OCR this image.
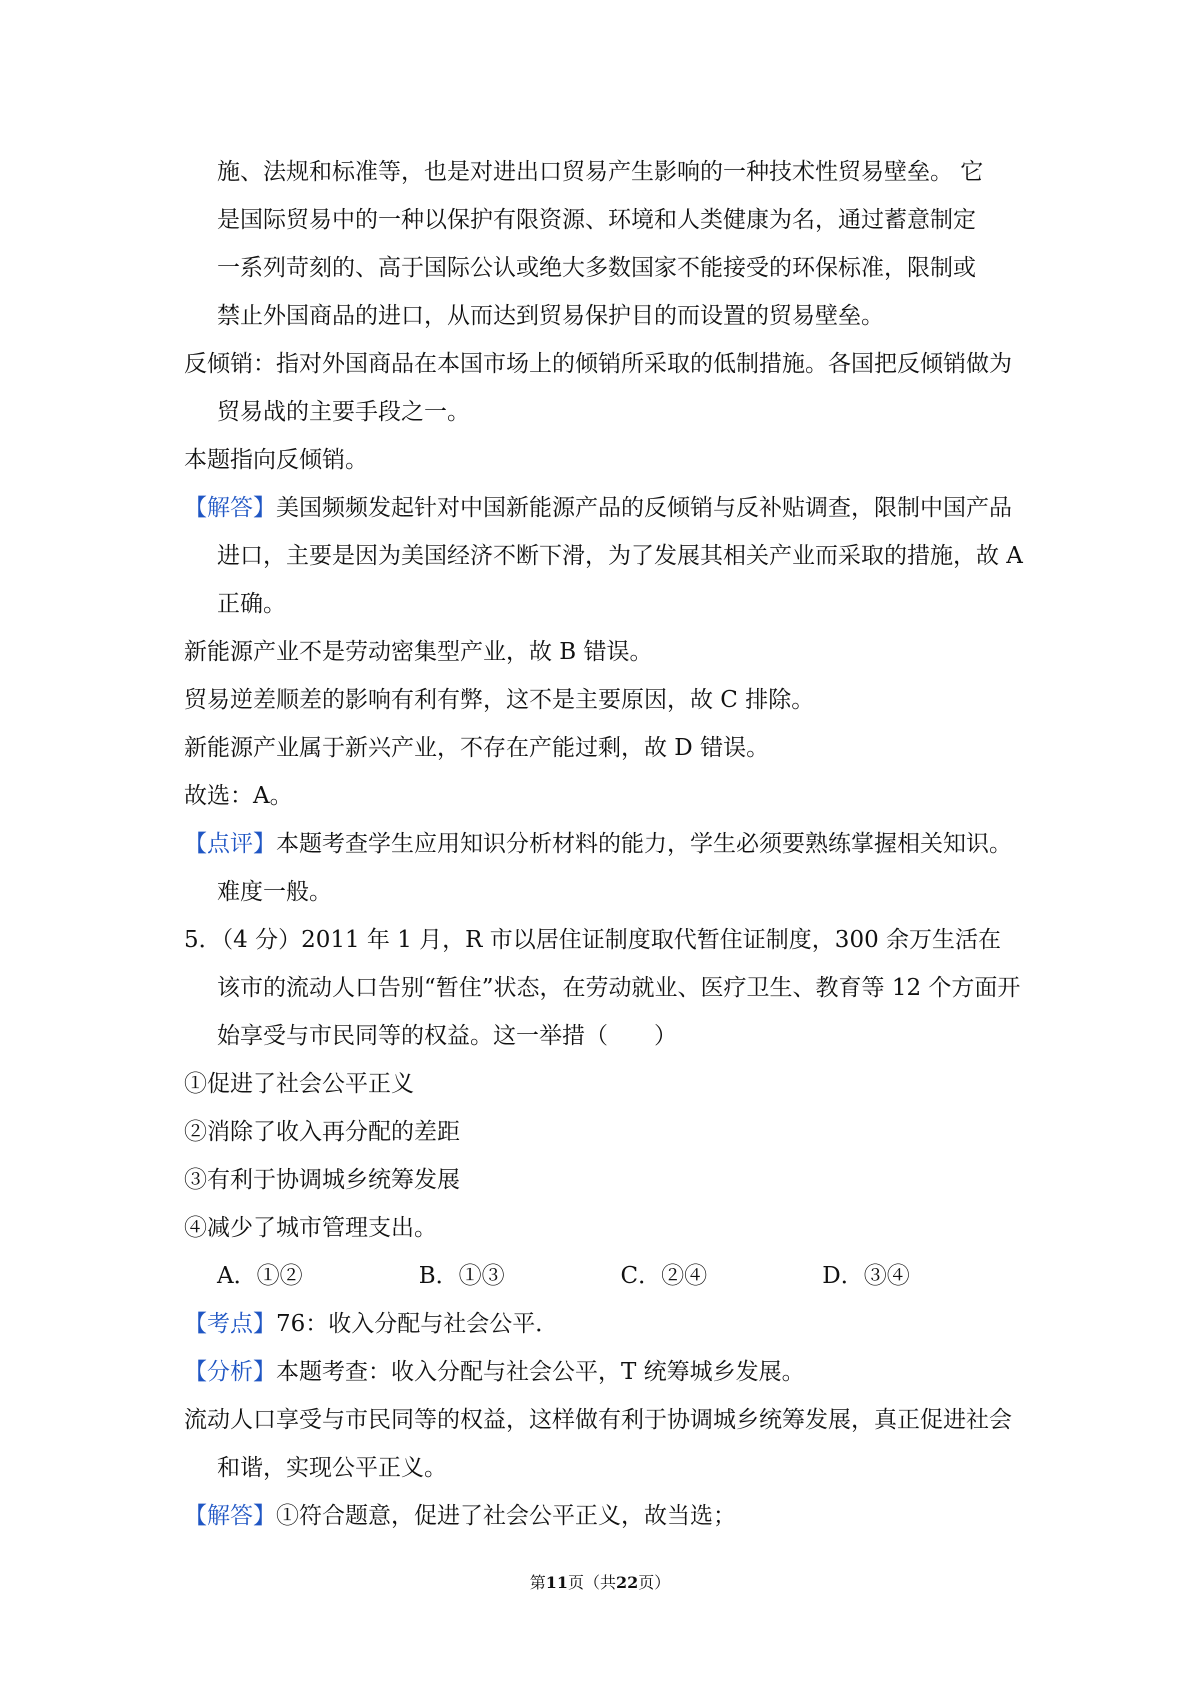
施、法规和标准等，也是对进出口贸易产生影响的一种技术性贸易壁垒。 它

是国际贸易中的一种以保护有限资源、环境和人类健康为名，通过蓄意制定

一系列苛刻的、高于国际公认或绝大多数国家不能接受的环保标准，限制或

禁止外国商品的进口，从而达到贸易保护目的而设置的贸易壁垒。

反倾销：指对外国商品在本国市场上的倾销所采取的低制措施。各国把反倾销做为贸易战的主要手段之一。

本题指向反倾销。

【解答】美国频频发起针对中国新能源产品的反倾销与反补贴调查，限制中国产品进口，主要是因为美国经济不断下滑，为了发展其相关产业而采取的措施，故 A 正确。

新能源产业不是劳动密集型产业，故 B 错误。

贸易逆差顺差的影响有利有弊，这不是主要原因，故 C 排除。

新能源产业属于新兴产业，不存在产能过剩，故 D 错误。

故选：A。

【点评】本题考查学生应用知识分析材料的能力，学生必须要熟练掌握相关知识。难度一般。

5．（4 分）2011 年 1 月，R 市以居住证制度取代暂住证制度，300 余万生活在该市的流动人口告别“暂住”状态，在劳动就业、医疗卫生、教育等 12 个方面开始享受与市民同等的权益。这一举措（　　）

①促进了社会公平正义

②消除了收入再分配的差距

③有利于协调城乡统筹发展

④减少了城市管理支出。

A．①②	B．①③	C．②④	D．③④

【考点】76：收入分配与社会公平．

【分析】本题考查：收入分配与社会公平，T 统筹城乡发展。

流动人口享受与市民同等的权益，这样做有利于协调城乡统筹发展，真正促进社会和谐，实现公平正义。

【解答】①符合题意，促进了社会公平正义，故当选；

第11页（共22页）
